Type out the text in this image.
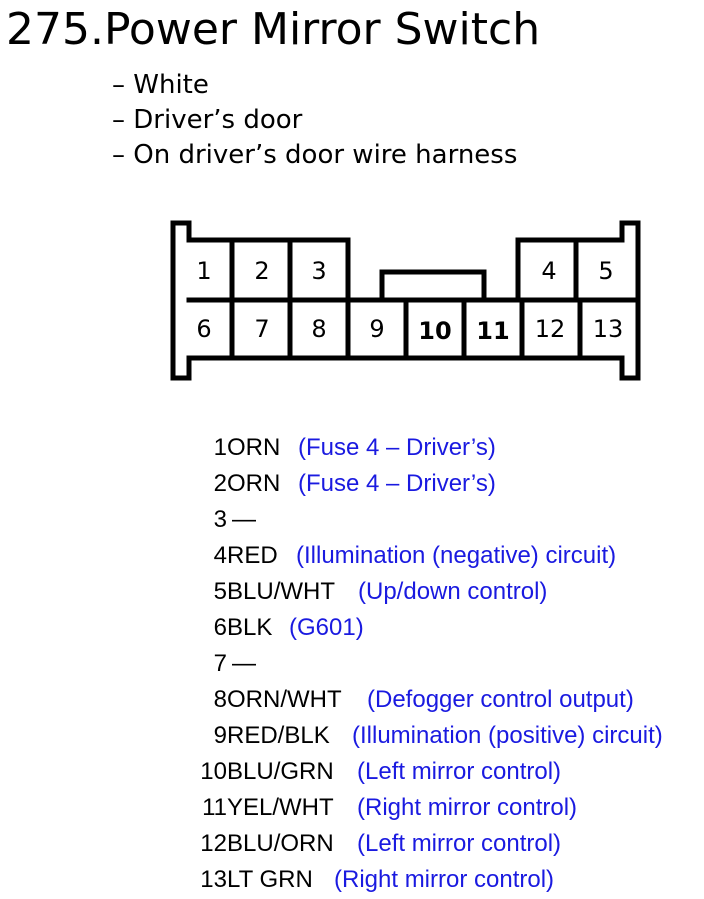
275.Power Mirror Switch
– White
– Driver’s door
– On driver’s door wire harness
1 2 3	4 5
6 7 8 9 10 11 12 13
1 ORN (Fuse 4 – Driver’s)
2 ORN (Fuse 4 – Driver’s)
3 —
4 RED (Illumination (negative) circuit)
5 BLU/WHT (Up/down control)
6 BLK (G601)
7 —
8 ORN/WHT (Defogger control output)
9 RED/BLK (Illumination (positive) circuit)
10 BLU/GRN (Left mirror control)
11 YEL/WHT (Right mirror control)
12 BLU/ORN (Left mirror control)
13 LT GRN (Right mirror control)
